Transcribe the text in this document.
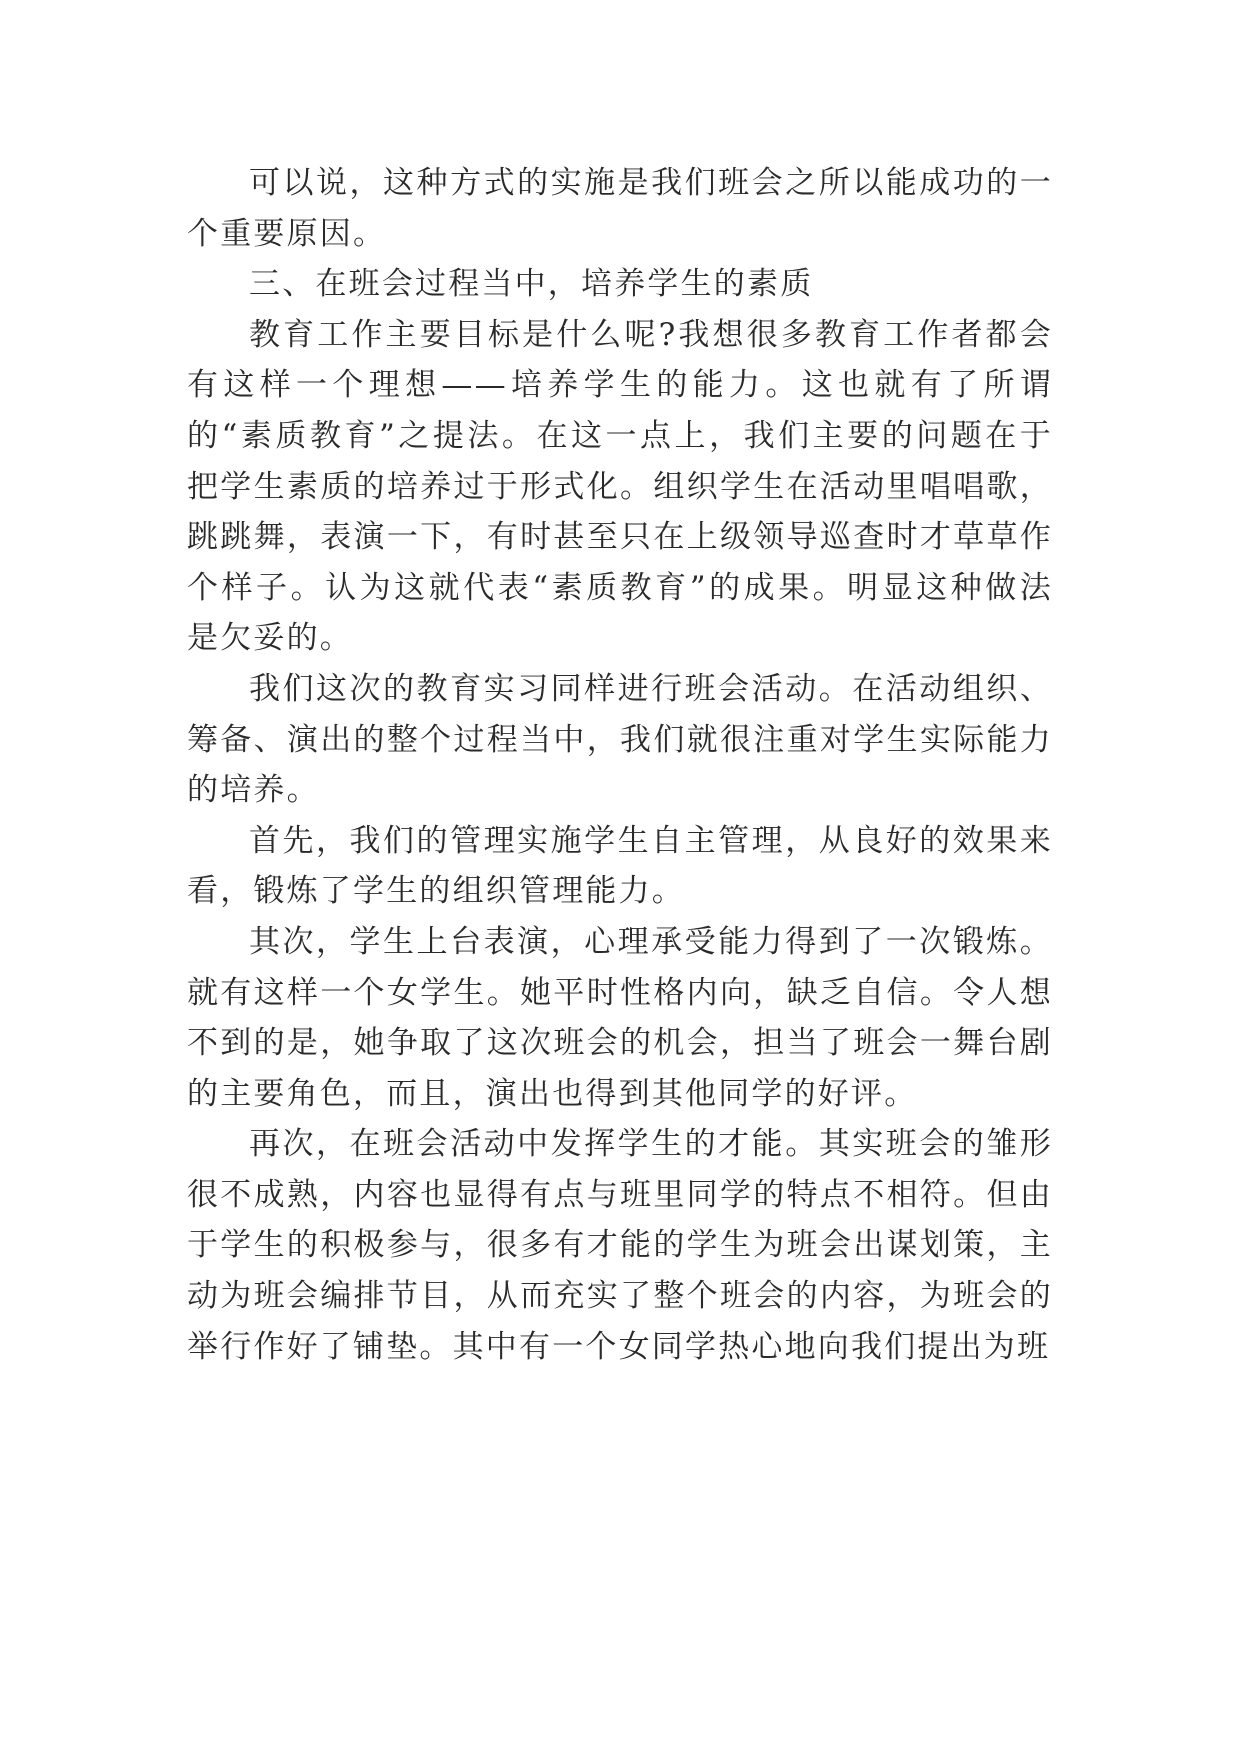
可以说，这种方式的实施是我们班会之所以能成功的一个重要原因。

三、在班会过程当中，培养学生的素质

教育工作主要目标是什么呢?我想很多教育工作者都会有这样一个理想——培养学生的能力。这也就有了所谓的“素质教育”之提法。在这一点上，我们主要的问题在于把学生素质的培养过于形式化。组织学生在活动里唱唱歌，跳跳舞，表演一下，有时甚至只在上级领导巡查时才草草作个样子。认为这就代表“素质教育”的成果。明显这种做法是欠妥的。

我们这次的教育实习同样进行班会活动。在活动组织、筹备、演出的整个过程当中，我们就很注重对学生实际能力的培养。

首先，我们的管理实施学生自主管理，从良好的效果来看，锻炼了学生的组织管理能力。

其次，学生上台表演，心理承受能力得到了一次锻炼。就有这样一个女学生。她平时性格内向，缺乏自信。令人想不到的是，她争取了这次班会的机会，担当了班会一舞台剧的主要角色，而且，演出也得到其他同学的好评。

再次，在班会活动中发挥学生的才能。其实班会的雏形很不成熟，内容也显得有点与班里同学的特点不相符。但由于学生的积极参与，很多有才能的学生为班会出谋划策，主动为班会编排节目，从而充实了整个班会的内容，为班会的举行作好了铺垫。其中有一个女同学热心地向我们提出为班
